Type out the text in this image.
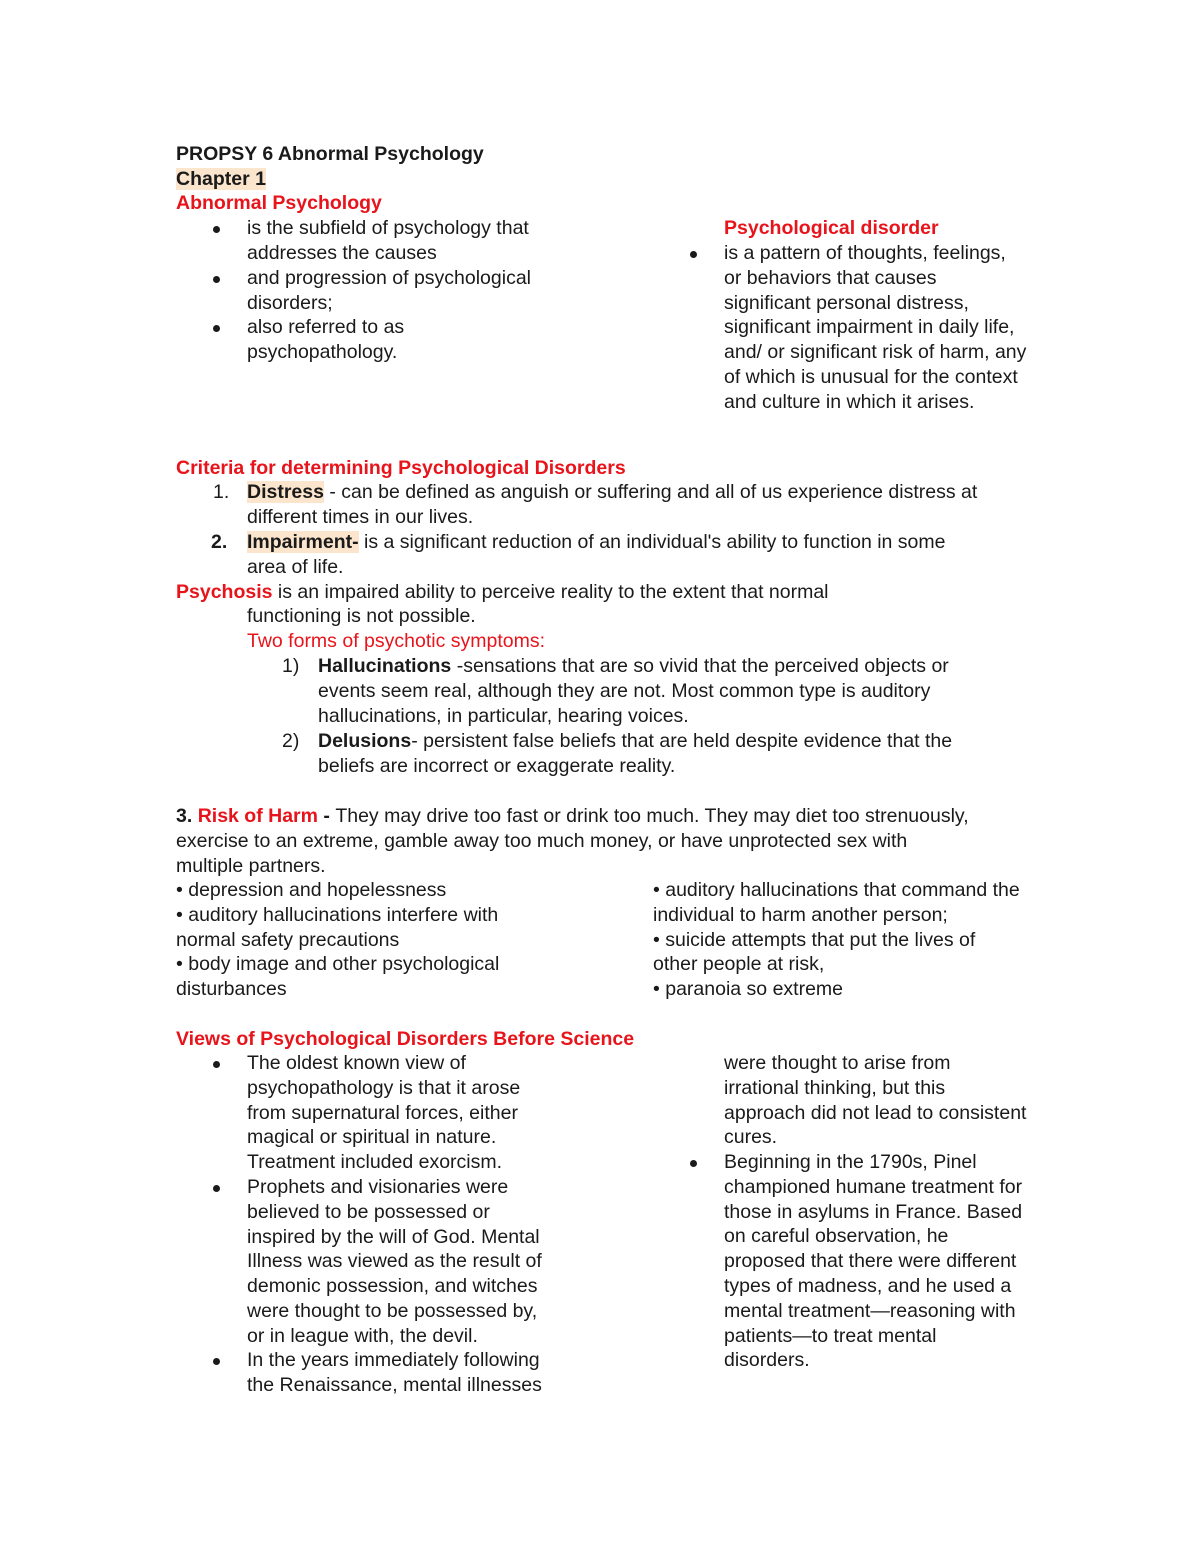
PROPSY 6 Abnormal Psychology
Chapter 1
Abnormal Psychology
is the subfield of psychology that
addresses the causes
and progression of psychological
disorders;
also referred to as
psychopathology.
Psychological disorder
is a pattern of thoughts, feelings,
or behaviors that causes
significant personal distress,
significant impairment in daily life,
and/ or significant risk of harm, any
of which is unusual for the context
and culture in which it arises.
Criteria for determining Psychological Disorders
1. Distress - can be defined as anguish or suffering and all of us experience distress at
different times in our lives.
2. Impairment- is a significant reduction of an individual's ability to function in some
area of life.
Psychosis is an impaired ability to perceive reality to the extent that normal
functioning is not possible.
Two forms of psychotic symptoms:
1) Hallucinations -sensations that are so vivid that the perceived objects or
events seem real, although they are not. Most common type is auditory
hallucinations, in particular, hearing voices.
2) Delusions- persistent false beliefs that are held despite evidence that the
beliefs are incorrect or exaggerate reality.
3. Risk of Harm - They may drive too fast or drink too much. They may diet too strenuously,
exercise to an extreme, gamble away too much money, or have unprotected sex with
multiple partners.
• depression and hopelessness
• auditory hallucinations interfere with
normal safety precautions
• body image and other psychological
disturbances
• auditory hallucinations that command the
individual to harm another person;
• suicide attempts that put the lives of
other people at risk,
• paranoia so extreme
Views of Psychological Disorders Before Science
The oldest known view of
psychopathology is that it arose
from supernatural forces, either
magical or spiritual in nature.
Treatment included exorcism.
Prophets and visionaries were
believed to be possessed or
inspired by the will of God. Mental
Illness was viewed as the result of
demonic possession, and witches
were thought to be possessed by,
or in league with, the devil.
In the years immediately following
the Renaissance, mental illnesses
were thought to arise from
irrational thinking, but this
approach did not lead to consistent
cures.
Beginning in the 1790s, Pinel
championed humane treatment for
those in asylums in France. Based
on careful observation, he
proposed that there were different
types of madness, and he used a
mental treatment—reasoning with
patients—to treat mental
disorders.
